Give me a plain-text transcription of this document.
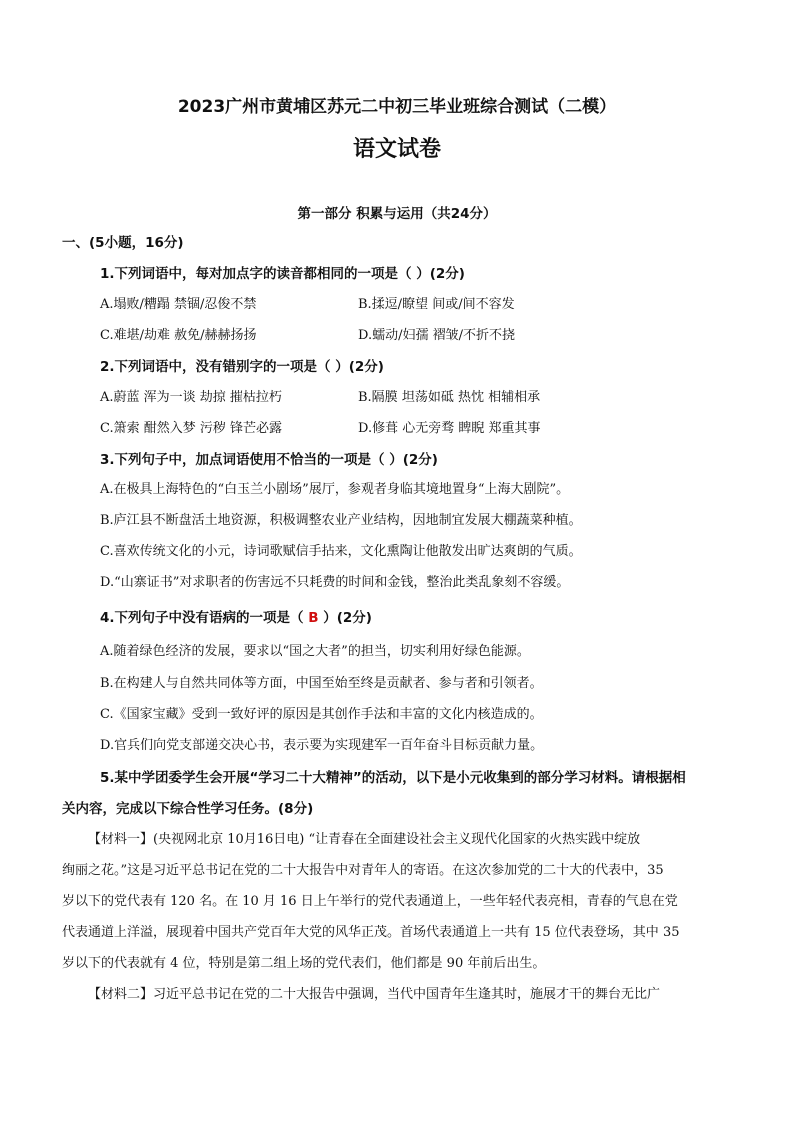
2023广州市黄埔区苏元二中初三毕业班综合测试（二模）
语文试卷
第一部分 积累与运用（共24分）
一、(5小题，16分)
1.下列词语中，每对加点字的读音都相同的一项是（ ）(2分)
A.塌败/糟蹋 禁锢/忍俊不禁	B.揉逗/瞭望 间或/间不容发
C.难堪/劫难 赦免/赫赫扬扬	D.蠕动/妇孺 褶皱/不折不挠
2.下列词语中，没有错别字的一项是（ ）(2分)
A.蔚蓝 浑为一谈 劫掠 摧枯拉朽	B.隔膜 坦荡如砥 热忱 相辅相承
C.箫索 酣然入梦 污秽 锋芒必露	D.修葺 心无旁骛 睥睨 郑重其事
3.下列句子中，加点词语使用不恰当的一项是（ ）(2分)
A.在极具上海特色的“白玉兰小剧场”展厅，参观者身临其境地置身“上海大剧院”。
B.庐江县不断盘活土地资源，积极调整农业产业结构，因地制宜发展大棚蔬菜种植。
C.喜欢传统文化的小元，诗词歌赋信手拈来，文化熏陶让他散发出旷达爽朗的气质。
D.“山寨证书”对求职者的伤害远不只耗费的时间和金钱，整治此类乱象刻不容缓。
4.下列句子中没有语病的一项是（ B ）(2分)
A.随着绿色经济的发展，要求以“国之大者”的担当，切实利用好绿色能源。
B.在构建人与自然共同体等方面，中国至始至终是贡献者、参与者和引领者。
C.《国家宝藏》受到一致好评的原因是其创作手法和丰富的文化内核造成的。
D.官兵们向党支部递交决心书，表示要为实现建军一百年奋斗目标贡献力量。
5.某中学团委学生会开展“学习二十大精神”的活动，以下是小元收集到的部分学习材料。请根据相
关内容，完成以下综合性学习任务。(8分)
【材料一】(央视网北京 10月16日电) “让青春在全面建设社会主义现代化国家的火热实践中绽放
绚丽之花。”这是习近平总书记在党的二十大报告中对青年人的寄语。在这次参加党的二十大的代表中，35
岁以下的党代表有 120 名。在 10 月 16 日上午举行的党代表通道上，一些年轻代表亮相，青春的气息在党
代表通道上洋溢，展现着中国共产党百年大党的风华正茂。首场代表通道上一共有 15 位代表登场，其中 35
岁以下的代表就有 4 位，特别是第二组上场的党代表们，他们都是 90 年前后出生。
【材料二】习近平总书记在党的二十大报告中强调，当代中国青年生逢其时，施展才干的舞台无比广
